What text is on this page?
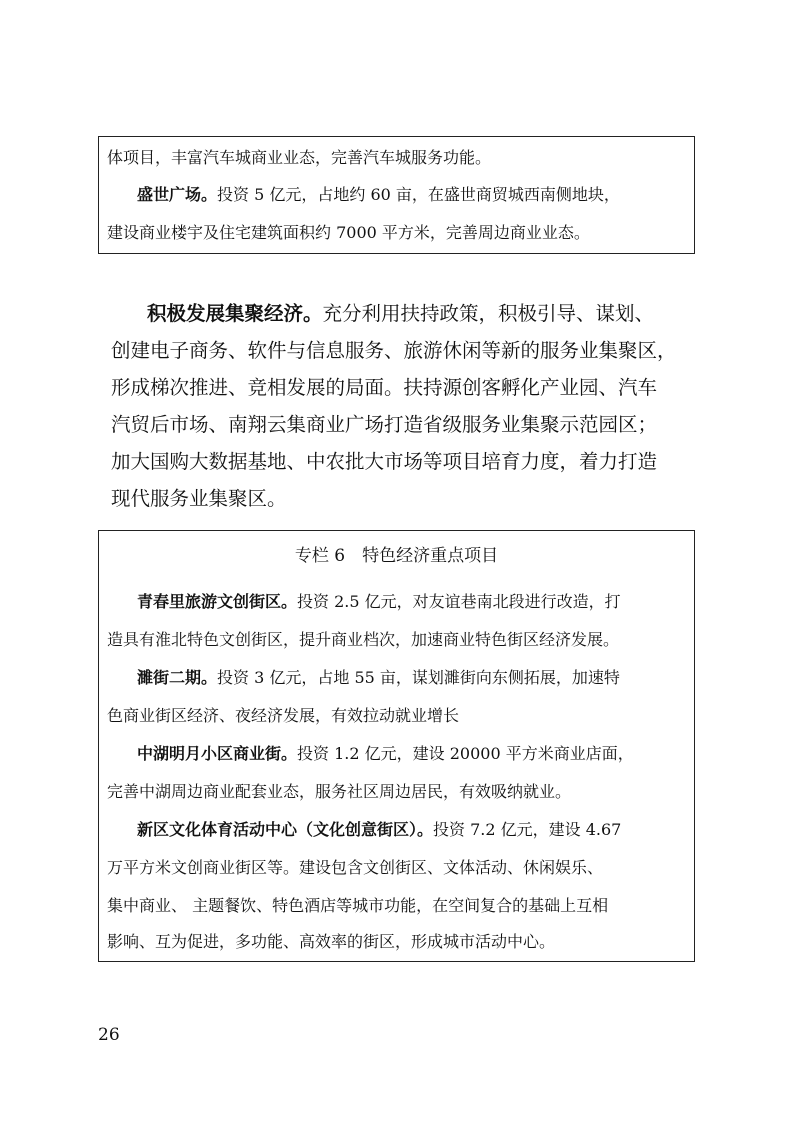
体项目，丰富汽车城商业业态，完善汽车城服务功能。
盛世广场。投资 5 亿元，占地约 60 亩，在盛世商贸城西南侧地块，
建设商业楼宇及住宅建筑面积约 7000 平方米，完善周边商业业态。
积极发展集聚经济。充分利用扶持政策，积极引导、谋划、
创建电子商务、软件与信息服务、旅游休闲等新的服务业集聚区，
形成梯次推进、竞相发展的局面。扶持源创客孵化产业园、汽车
汽贸后市场、南翔云集商业广场打造省级服务业集聚示范园区；
加大国购大数据基地、中农批大市场等项目培育力度，着力打造
现代服务业集聚区。
专栏 6　特色经济重点项目
青春里旅游文创街区。投资 2.5 亿元，对友谊巷南北段进行改造，打
造具有淮北特色文创街区，提升商业档次，加速商业特色街区经济发展。
濉街二期。投资 3 亿元，占地 55 亩，谋划濉街向东侧拓展，加速特
色商业街区经济、夜经济发展，有效拉动就业增长
中湖明月小区商业街。投资 1.2 亿元，建设 20000 平方米商业店面，
完善中湖周边商业配套业态，服务社区周边居民，有效吸纳就业。
新区文化体育活动中心（文化创意街区）。投资 7.2 亿元，建设 4.67
万平方米文创商业街区等。建设包含文创街区、文体活动、休闲娱乐、
集中商业、 主题餐饮、特色酒店等城市功能，在空间复合的基础上互相
影响、互为促进，多功能、高效率的街区，形成城市活动中心。
26
